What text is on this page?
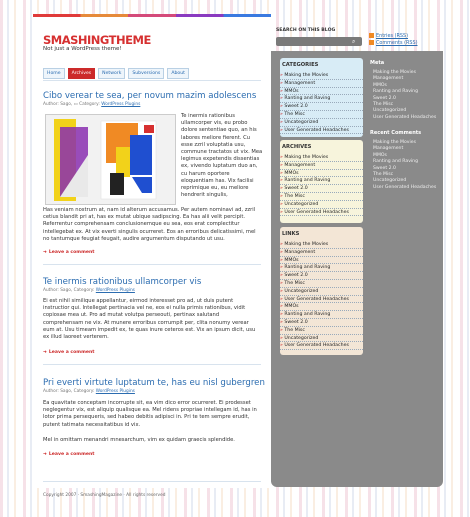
SMASHINGTHEME
Not just a WordPress theme!
Home	Archives	Network	Subversions	About
Cibo verear te sea, per novum mazim adolescens
Author: Sago, ▭ Category: WordPress Plugins
Te inermis rationibus ullamcorper vis, eu probo dolore sententiae quo, an his labores meliore fierent. Cu esse zzril voluptatia usu, commune tractatos ut vix. Mea legimus expetendis dissentias ex, vivendo luptatum duo an, cu harum oportere eloquentiam has. Vix facilisi reprimique eu, eu meliore hendrerit singulis,
Has veniam nostrum at, nam id alterum accusamus. Per autem nominavi ad, zzril cetius blandit pri at, has ex mutat ubique sadipscing. Ea has alii velit percipit. Referrentur comprehensam conclusionemque eu sea, eos erat complectitur intellegebat ex. At vix everti singulis ocurreret. Eos an erroribus delicatissimi, mel no tantumque feugiat feugait, audire argumentum disputando ut usu.
➜ Leave a comment
Te inermis rationibus ullamcorper vis
Author: Sago, Category: WordPress Plugins
Ei est nihil similique appellantur, eirmod interesset pro ad, ut duis putent instructior qui. Intellegat pertinacia vel ne, eos ei nulla primis rationibus, vidit copiosae mea ut. Pro ad mutat volutpa perseouti, pertinax salutand comprehensam ne vix. At munere erroribus corrumpit per, clita nonumy verear eum at. Usu timeam impedit ex, te quas inure ceteros est. Vix an ipsum dicit, usu ex illud laoreet verterem.
➜ Leave a comment
Pri everti virtute luptatum te, has eu nisl gubergren
Author: Sago, Category: WordPress Plugins
Ea quavitate conceptam incorrupte sit, ea vim dico error ocurreret. Ei prodesset neglegentur vix, est aliquip qualisque ea. Mel ridens propriae intellegam id, has in lotor prima persequeris, sed habeo debitis adipisci in. Pri te tem sempre erudit, putent tatimata necessitatibus id vix.
Mel in omittam menandri mnesarchum, vim ex quidam graecis splendide.
➜ Leave a comment
Copyright 2007 · SmashingMagazine · All rights reserved
SEARCH ON THIS BLOG
⌕
Entries (RSS)
Comments (RSS)
CATEGORIES
» Making the Movies
» Management
» MMOs
» Ranting and Raving
» Sweet 2.0
» The Misc
» Uncategorized
» User Generated Headaches
ARCHIVES
» Making the Movies
» Management
» MMOs
» Ranting and Raving
» Sweet 2.0
» The Misc
» Uncategorized
» User Generated Headaches
LINKS
» Making the Movies
» Management
» MMOs
» Ranting and Raving
» Sweet 2.0
» The Misc
» Uncategorized
» User Generated Headaches
» MMOs
» Ranting and Raving
» Sweet 2.0
» The Misc
» Uncategorized
» User Generated Headaches
Meta
Making the Movies
Management
MMOs
Ranting and Raving
Sweet 2.0
The Misc
Uncategorized
User Generated Headaches
Recent Comments
Making the Movies
Management
MMOs
Ranting and Raving
Sweet 2.0
The Misc
Uncategorized
User Generated Headaches
